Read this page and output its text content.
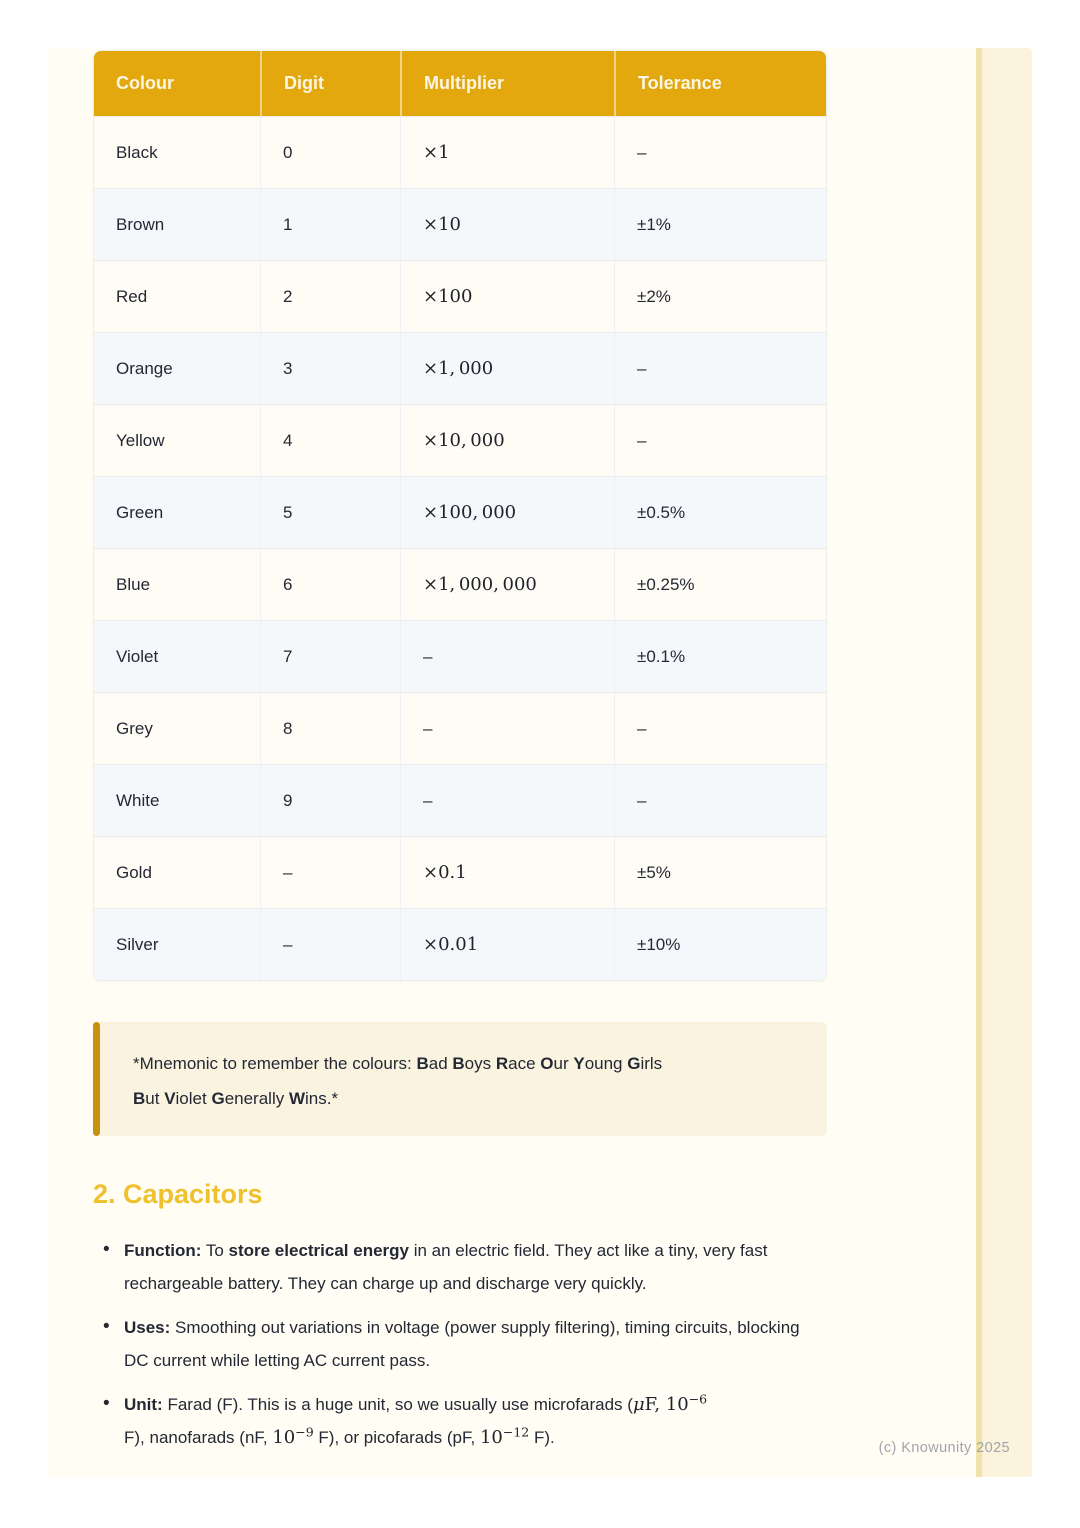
Colour	Digit	Multiplier	Tolerance
Black	0	×1	–
Brown	1	×10	±1%
Red	2	×100	±2%
Orange	3	×1, 000	–
Yellow	4	×10, 000	–
Green	5	×100, 000	±0.5%
Blue	6	×1, 000, 000	±0.25%
Violet	7	–	±0.1%
Grey	8	–	–
White	9	–	–
Gold	–	×0.1	±5%
Silver	–	×0.01	±10%

*Mnemonic to remember the colours: Bad Boys Race Our Young Girls
But Violet Generally Wins.*

2. Capacitors
• Function: To store electrical energy in an electric field. They act like a tiny, very fast rechargeable battery. They can charge up and discharge very quickly.
• Uses: Smoothing out variations in voltage (power supply filtering), timing circuits, blocking DC current while letting AC current pass.
• Unit: Farad (F). This is a huge unit, so we usually use microfarads (μF, $10^{-6}$
F), nanofarads (nF, $10^{-9}$ F), or picofarads (pF, $10^{-12}$ F).
(c) Knowunity 2025
